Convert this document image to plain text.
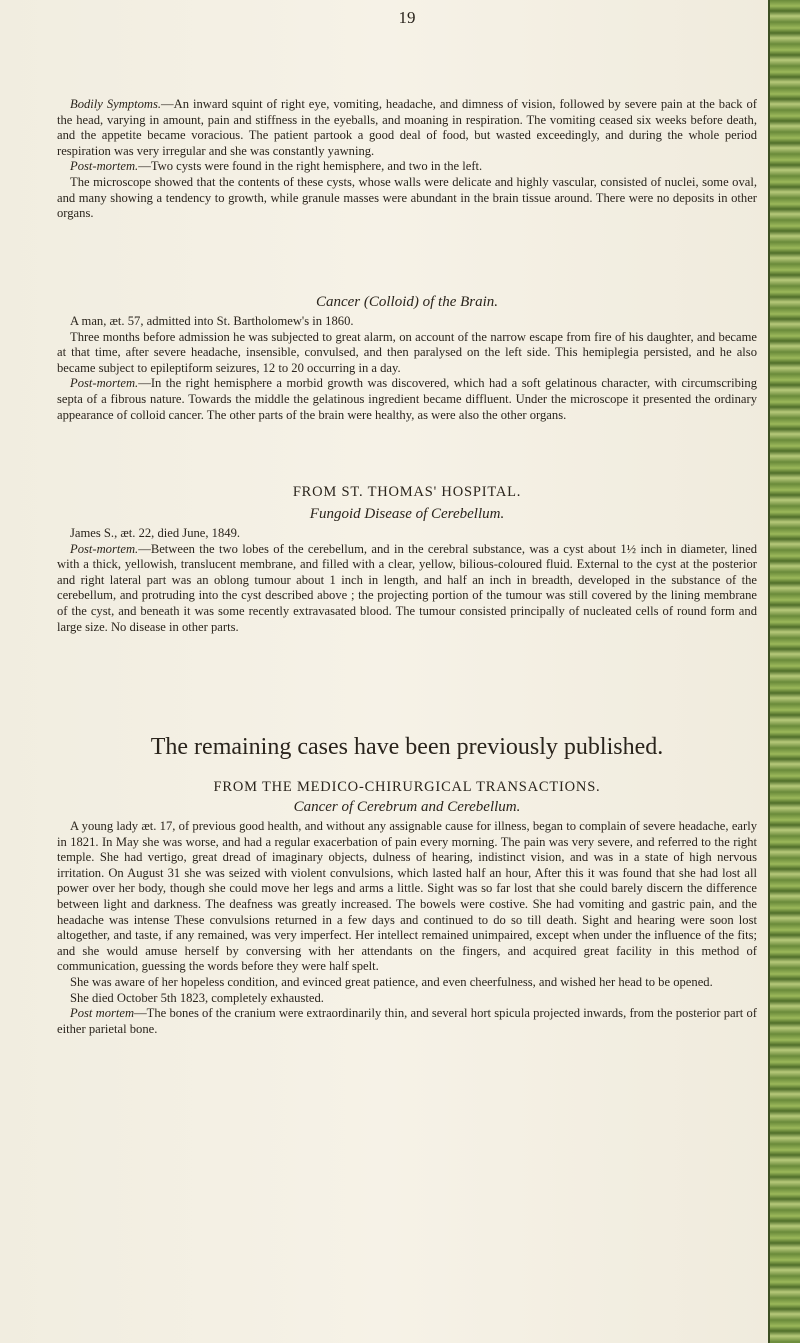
19

Bodily Symptoms.—An inward squint of right eye, vomiting, headache, and dimness of vision, followed by severe pain at the back of the head, varying in amount, pain and stiffness in the eyeballs, and moaning in respiration. The vomiting ceased six weeks before death, and the appetite became voracious. The patient partook a good deal of food, but wasted exceedingly, and during the whole period respiration was very irregular and she was constantly yawning.

Post-mortem.—Two cysts were found in the right hemisphere, and two in the left.

The microscope showed that the contents of these cysts, whose walls were delicate and highly vascular, consisted of nuclei, some oval, and many showing a tendency to growth, while granule masses were abundant in the brain tissue around. There were no deposits in other organs.

Cancer (Colloid) of the Brain.

A man, æt. 57, admitted into St. Bartholomew's in 1860.

Three months before admission he was subjected to great alarm, on account of the narrow escape from fire of his daughter, and became at that time, after severe headache, insensible, convulsed, and then paralysed on the left side. This hemiplegia persisted, and he also became subject to epileptiform seizures, 12 to 20 occurring in a day.

Post-mortem.—In the right hemisphere a morbid growth was discovered, which had a soft gelatinous character, with circumscribing septa of a fibrous nature. Towards the middle the gelatinous ingredient became diffluent. Under the microscope it presented the ordinary appearance of colloid cancer. The other parts of the brain were healthy, as were also the other organs.

FROM ST. THOMAS' HOSPITAL.
Fungoid Disease of Cerebellum.

James S., æt. 22, died June, 1849.

Post-mortem.—Between the two lobes of the cerebellum, and in the cerebral substance, was a cyst about 1½ inch in diameter, lined with a thick, yellowish, translucent membrane, and filled with a clear, yellow, bilious-coloured fluid. External to the cyst at the posterior and right lateral part was an oblong tumour about 1 inch in length, and half an inch in breadth, developed in the substance of the cerebellum, and protruding into the cyst described above ; the projecting portion of the tumour was still covered by the lining membrane of the cyst, and beneath it was some recently extravasated blood. The tumour consisted principally of nucleated cells of round form and large size. No disease in other parts.

The remaining cases have been previously published.
FROM THE MEDICO-CHIRURGICAL TRANSACTIONS.
Cancer of Cerebrum and Cerebellum.

A young lady æt. 17, of previous good health, and without any assignable cause for illness, began to complain of severe headache, early in 1821. In May she was worse, and had a regular exacerbation of pain every morning. The pain was very severe, and referred to the right temple. She had vertigo, great dread of imaginary objects, dulness of hearing, indistinct vision, and was in a state of high nervous irritation. On August 31 she was seized with violent convulsions, which lasted half an hour, After this it was found that she had lost all power over her body, though she could move her legs and arms a little. Sight was so far lost that she could barely discern the difference between light and darkness. The deafness was greatly increased. The bowels were costive. She had vomiting and gastric pain, and the headache was intense These convulsions returned in a few days and continued to do so till death. Sight and hearing were soon lost altogether, and taste, if any remained, was very imperfect. Her intellect remained unimpaired, except when under the influence of the fits; and she would amuse herself by conversing with her attendants on the fingers, and acquired great facility in this method of communication, guessing the words before they were half spelt.

She was aware of her hopeless condition, and evinced great patience, and even cheerfulness, and wished her head to be opened.

She died October 5th 1823, completely exhausted.

Post mortem—The bones of the cranium were extraordinarily thin, and several hort spicula projected inwards, from the posterior part of either parietal bone.
